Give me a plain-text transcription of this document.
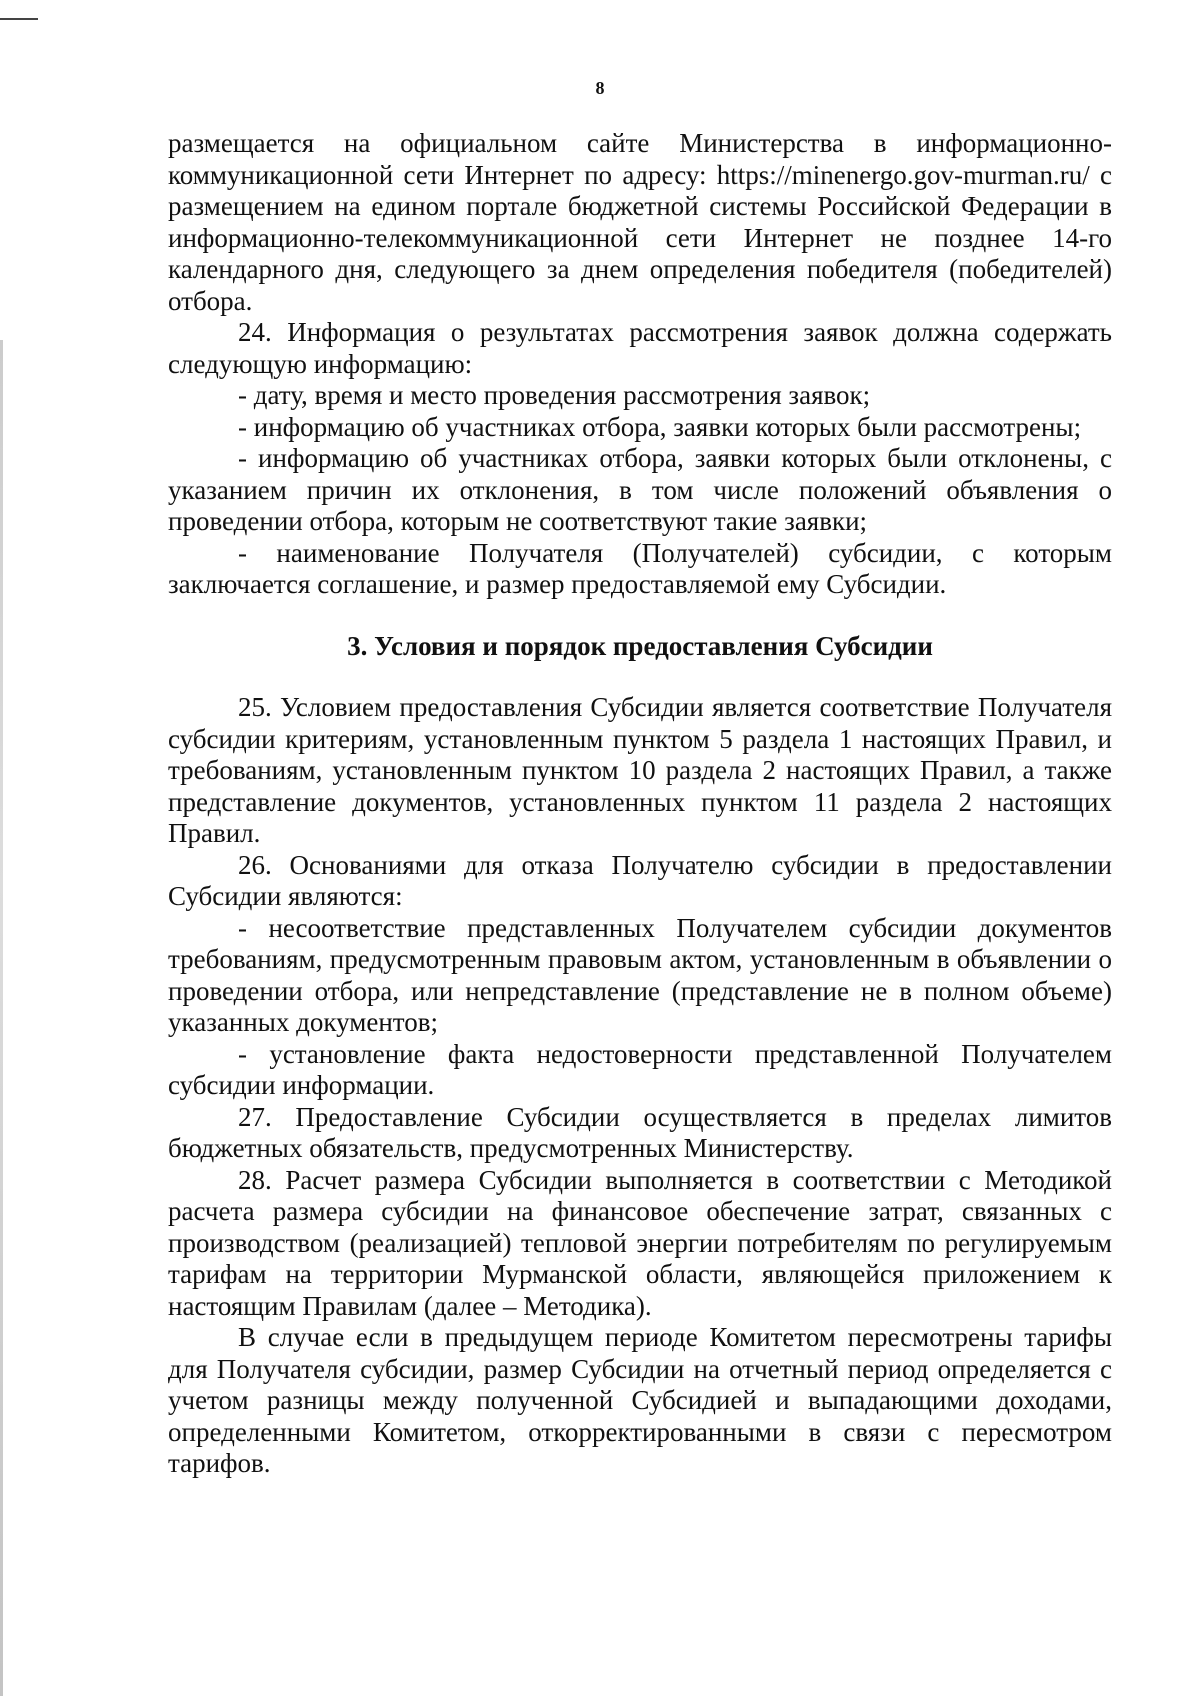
8

размещается на официальном сайте Министерства в информационно-коммуникационной сети Интернет по адресу: https://minenergo.gov-murman.ru/ с размещением на едином портале бюджетной системы Российской Федерации в информационно-телекоммуникационной сети Интернет не позднее 14-го календарного дня, следующего за днем определения победителя (победителей) отбора.

24. Информация о результатах рассмотрения заявок должна содержать следующую информацию:

- дату, время и место проведения рассмотрения заявок;

- информацию об участниках отбора, заявки которых были рассмотрены;

- информацию об участниках отбора, заявки которых были отклонены, с указанием причин их отклонения, в том числе положений объявления о проведении отбора, которым не соответствуют такие заявки;

- наименование Получателя (Получателей) субсидии, с которым заключается соглашение, и размер предоставляемой ему Субсидии.

3. Условия и порядок предоставления Субсидии

25. Условием предоставления Субсидии является соответствие Получателя субсидии критериям, установленным пунктом 5 раздела 1 настоящих Правил, и требованиям, установленным пунктом 10 раздела 2 настоящих Правил, а также представление документов, установленных пунктом 11 раздела 2 настоящих Правил.

26. Основаниями для отказа Получателю субсидии в предоставлении Субсидии являются:

- несоответствие представленных Получателем субсидии документов требованиям, предусмотренным правовым актом, установленным в объявлении о проведении отбора, или непредставление (представление не в полном объеме) указанных документов;

- установление факта недостоверности представленной Получателем субсидии информации.

27. Предоставление Субсидии осуществляется в пределах лимитов бюджетных обязательств, предусмотренных Министерству.

28. Расчет размера Субсидии выполняется в соответствии с Методикой расчета размера субсидии на финансовое обеспечение затрат, связанных с производством (реализацией) тепловой энергии потребителям по регулируемым тарифам на территории Мурманской области, являющейся приложением к настоящим Правилам (далее – Методика).

В случае если в предыдущем периоде Комитетом пересмотрены тарифы для Получателя субсидии, размер Субсидии на отчетный период определяется с учетом разницы между полученной Субсидией и выпадающими доходами, определенными Комитетом, откорректированными в связи с пересмотром тарифов.
